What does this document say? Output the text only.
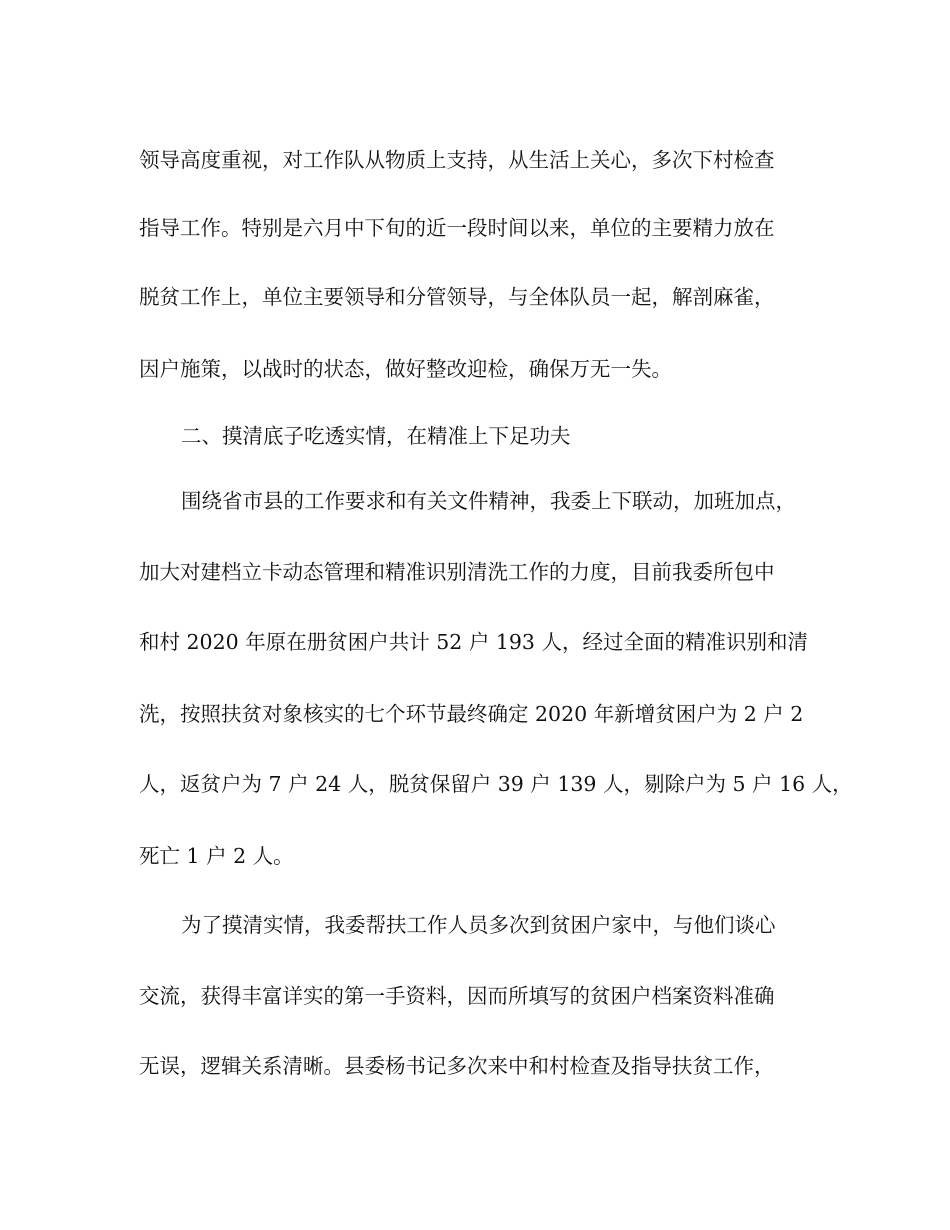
领导高度重视，对工作队从物质上支持，从生活上关心，多次下村检查

指导工作。特别是六月中下旬的近一段时间以来，单位的主要精力放在

脱贫工作上，单位主要领导和分管领导，与全体队员一起，解剖麻雀，

因户施策，以战时的状态，做好整改迎检，确保万无一失。

二、摸清底子吃透实情，在精准上下足功夫

围绕省市县的工作要求和有关文件精神，我委上下联动，加班加点，

加大对建档立卡动态管理和精准识别清洗工作的力度，目前我委所包中

和村 2020 年原在册贫困户共计 52 户 193 人，经过全面的精准识别和清

洗，按照扶贫对象核实的七个环节最终确定 2020 年新增贫困户为 2 户 2

人，返贫户为 7 户 24 人，脱贫保留户 39 户 139 人，剔除户为 5 户 16 人，

死亡 1 户 2 人。

为了摸清实情，我委帮扶工作人员多次到贫困户家中，与他们谈心

交流，获得丰富详实的第一手资料，因而所填写的贫困户档案资料准确

无误，逻辑关系清晰。县委杨书记多次来中和村检查及指导扶贫工作，
